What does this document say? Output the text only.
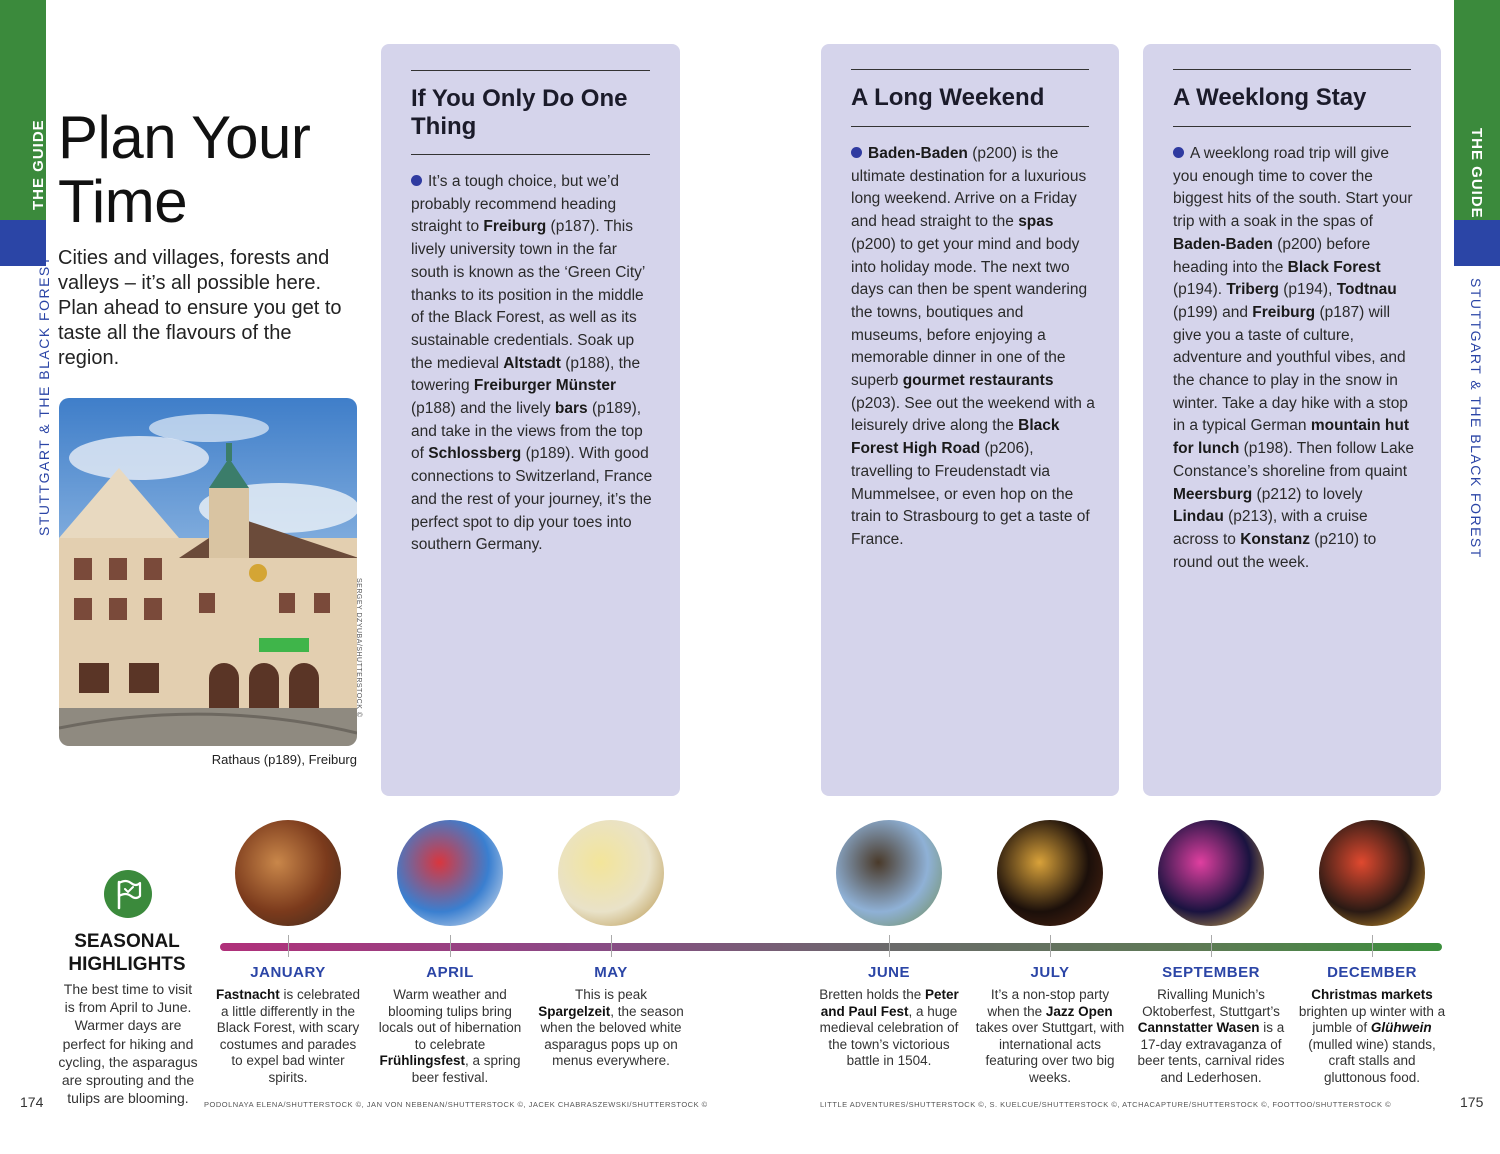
THE GUIDE
STUTTGART & THE BLACK FOREST
THE GUIDE
STUTTGART & THE BLACK FOREST
Plan Your
Time

Cities and villages, forests and valleys – it’s all possible here. Plan ahead to ensure you get to taste all the flavours of the region.

SERGEY DZYUBA/SHUTTERSTOCK ©

Rathaus (p189), Freiburg

If You Only Do One Thing

It’s a tough choice, but we’d probably recommend heading straight to Freiburg (p187). This lively university town in the far south is known as the ‘Green City’ thanks to its position in the middle of the Black Forest, as well as its sustainable credentials. Soak up the medieval Altstadt (p188), the towering Freiburger Münster (p188) and the lively bars (p189), and take in the views from the top of Schlossberg (p189). With good connections to Switzerland, France and the rest of your journey, it’s the perfect spot to dip your toes into southern Germany.

A Long Weekend

Baden-Baden (p200) is the ultimate destination for a luxurious long weekend. Arrive on a Friday and head straight to the spas (p200) to get your mind and body into holiday mode. The next two days can then be spent wandering the towns, boutiques and museums, before enjoying a memorable dinner in one of the superb gourmet restaurants (p203). See out the weekend with a leisurely drive along the Black Forest High Road (p206), travelling to Freudenstadt via Mummelsee, or even hop on the train to Strasbourg to get a taste of France.

A Weeklong Stay

A weeklong road trip will give you enough time to cover the biggest hits of the south. Start your trip with a soak in the spas of Baden-Baden (p200) before heading into the Black Forest (p194). Triberg (p194), Todtnau (p199) and Freiburg (p187) will give you a taste of culture, adventure and youthful vibes, and the chance to play in the snow in winter. Take a day hike with a stop in a typical German mountain hut for lunch (p198). Then follow Lake Constance’s shoreline from quaint Meersburg (p212) to lovely Lindau (p213), with a cruise across to Konstanz (p210) to round out the week.

SEASONAL HIGHLIGHTS

The best time to visit is from April to June. Warmer days are perfect for hiking and cycling, the asparagus are sprouting and the tulips are blooming.

JANUARY
Fastnacht is celebrated a little differently in the Black Forest, with scary costumes and parades to expel bad winter spirits.
APRIL
Warm weather and blooming tulips bring locals out of hibernation to celebrate Frühlingsfest, a spring beer festival.
MAY
This is peak Spargelzeit, the season when the beloved white asparagus pops up on menus everywhere.
JUNE
Bretten holds the Peter and Paul Fest, a huge medieval celebration of the town’s victorious battle in 1504.
JULY
It’s a non-stop party when the Jazz Open takes over Stuttgart, with international acts featuring over two big weeks.
SEPTEMBER
Rivalling Munich’s Oktoberfest, Stuttgart’s Cannstatter Wasen is a 17-day extravaganza of beer tents, carnival rides and Lederhosen.
DECEMBER
Christmas markets brighten up winter with a jumble of Glühwein (mulled wine) stands, craft stalls and gluttonous food.
174	175
PODOLNAYA ELENA/SHUTTERSTOCK ©, JAN VON NEBENAN/SHUTTERSTOCK ©, JACEK CHABRASZEWSKI/SHUTTERSTOCK ©	LITTLE ADVENTURES/SHUTTERSTOCK ©, S. KUELCUE/SHUTTERSTOCK ©, ATCHACAPTURE/SHUTTERSTOCK ©, FOOTTOO/SHUTTERSTOCK ©
